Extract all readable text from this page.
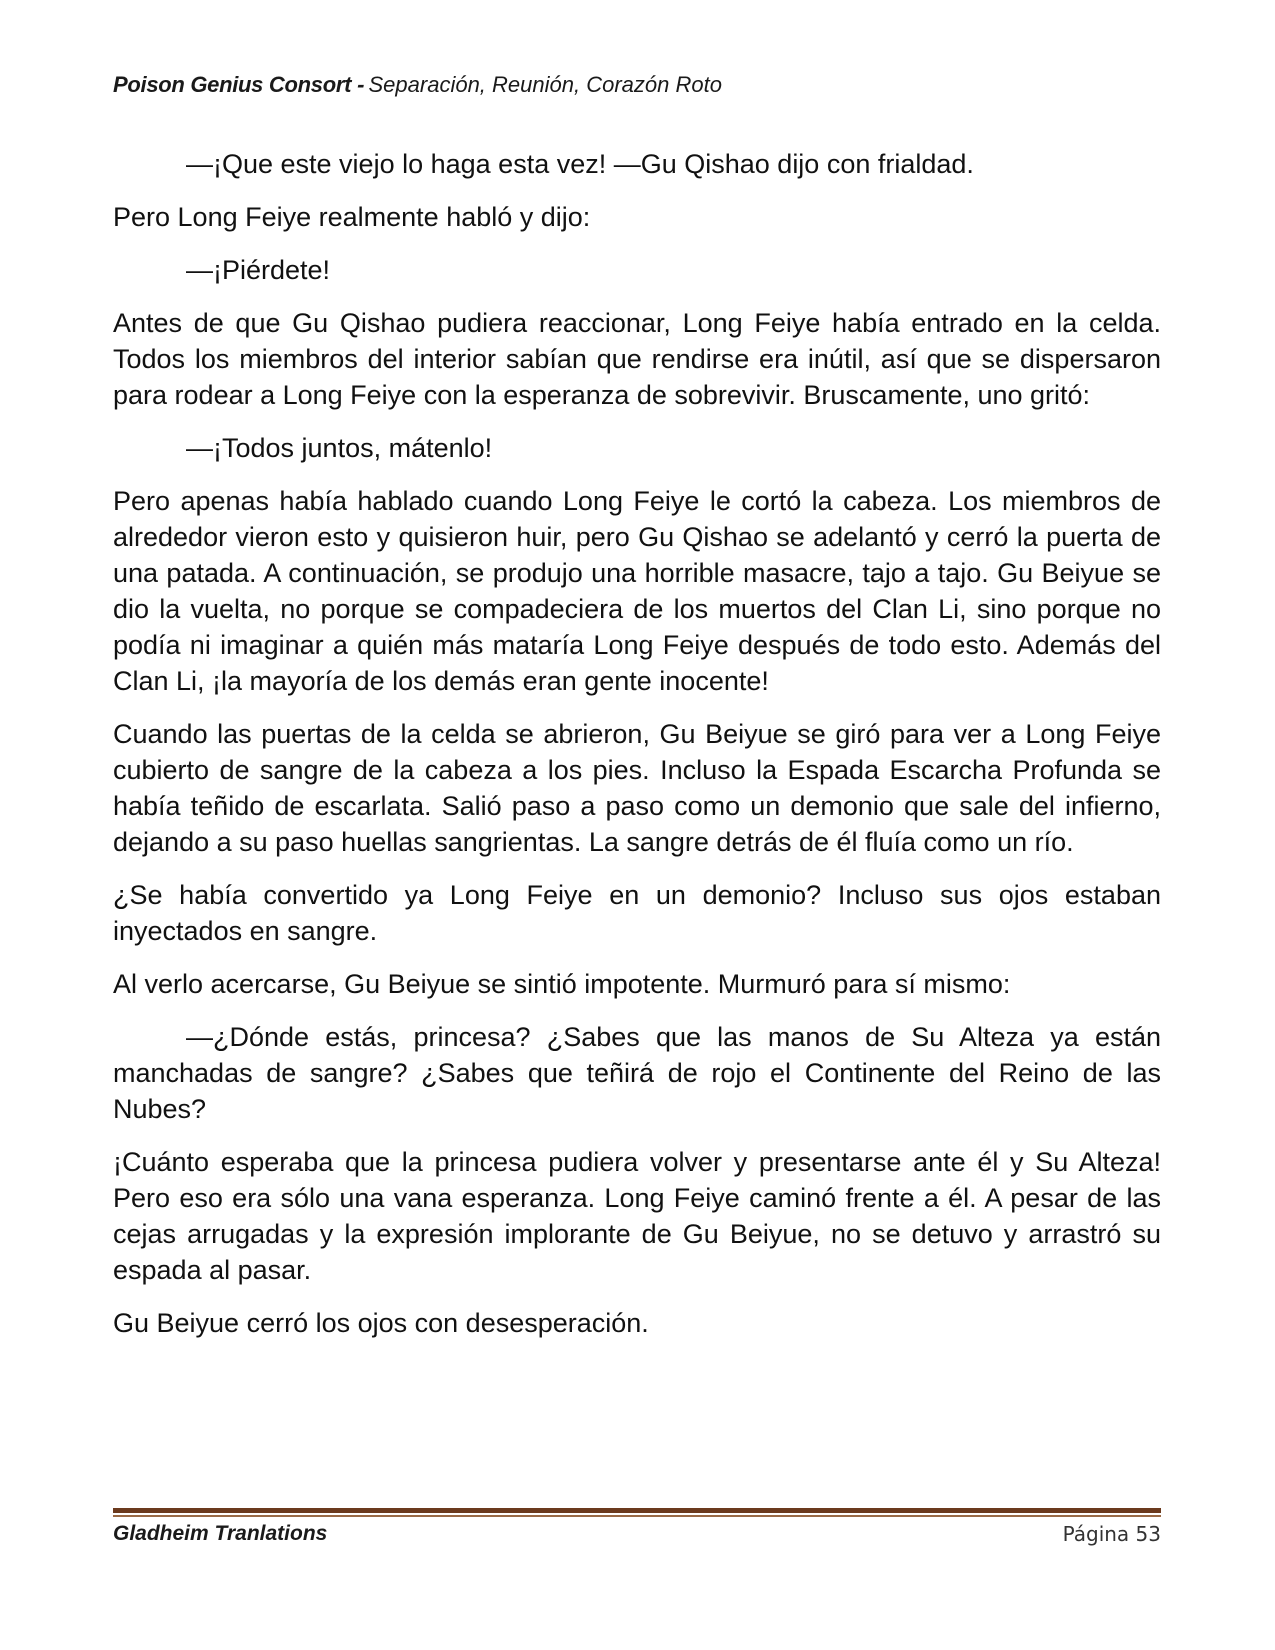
Poison Genius Consort - Separación, Reunión, Corazón Roto

—¡Que este viejo lo haga esta vez! —Gu Qishao dijo con frialdad.

Pero Long Feiye realmente habló y dijo:

—¡Piérdete!

Antes de que Gu Qishao pudiera reaccionar, Long Feiye había entrado en la celda. Todos los miembros del interior sabían que rendirse era inútil, así que se dispersaron para rodear a Long Feiye con la esperanza de sobrevivir. Bruscamente, uno gritó:

—¡Todos juntos, mátenlo!

Pero apenas había hablado cuando Long Feiye le cortó la cabeza. Los miembros de alrededor vieron esto y quisieron huir, pero Gu Qishao se adelantó y cerró la puerta de una patada. A continuación, se produjo una horrible masacre, tajo a tajo. Gu Beiyue se dio la vuelta, no porque se compadeciera de los muertos del Clan Li, sino porque no podía ni imaginar a quién más mataría Long Feiye después de todo esto. Además del Clan Li, ¡la mayoría de los demás eran gente inocente!

Cuando las puertas de la celda se abrieron, Gu Beiyue se giró para ver a Long Feiye cubierto de sangre de la cabeza a los pies. Incluso la Espada Escarcha Profunda se había teñido de escarlata. Salió paso a paso como un demonio que sale del infierno, dejando a su paso huellas sangrientas. La sangre detrás de él fluía como un río.

¿Se había convertido ya Long Feiye en un demonio? Incluso sus ojos estaban inyectados en sangre.

Al verlo acercarse, Gu Beiyue se sintió impotente. Murmuró para sí mismo:

—¿Dónde estás, princesa? ¿Sabes que las manos de Su Alteza ya están manchadas de sangre? ¿Sabes que teñirá de rojo el Continente del Reino de las Nubes?

¡Cuánto esperaba que la princesa pudiera volver y presentarse ante él y Su Alteza! Pero eso era sólo una vana esperanza. Long Feiye caminó frente a él. A pesar de las cejas arrugadas y la expresión implorante de Gu Beiyue, no se detuvo y arrastró su espada al pasar.

Gu Beiyue cerró los ojos con desesperación.

Gladheim Tranlations	Página 53
